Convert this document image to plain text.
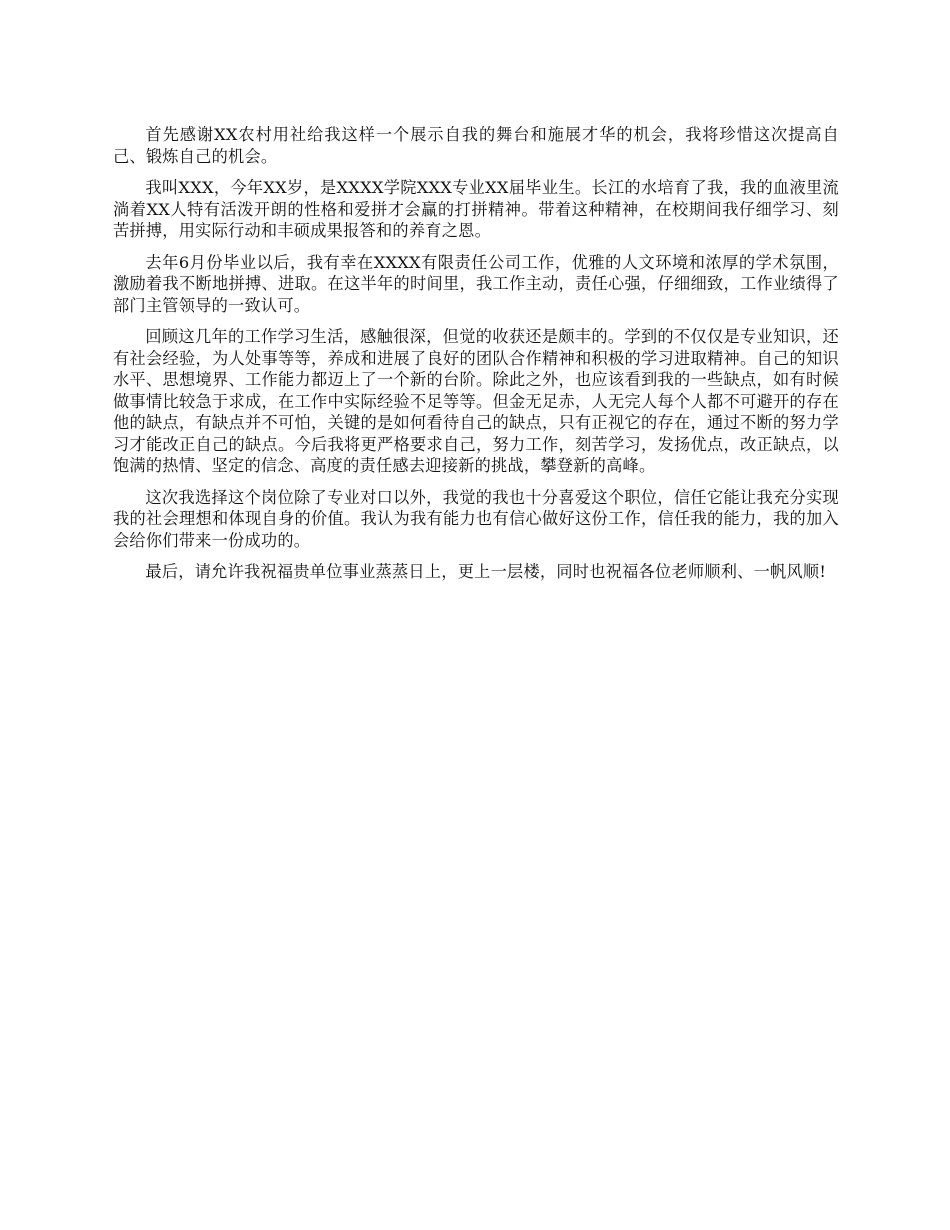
首先感谢XX农村用社给我这样一个展示自我的舞台和施展才华的机会，我将珍惜这次提高自己、锻炼自己的机会。

我叫XXX，今年XX岁，是XXXX学院XXX专业XX届毕业生。长江的水培育了我，我的血液里流淌着XX人特有活泼开朗的性格和爱拼才会赢的打拼精神。带着这种精神，在校期间我仔细学习、刻苦拼搏，用实际行动和丰硕成果报答和的养育之恩。

去年6月份毕业以后，我有幸在XXXX有限责任公司工作，优雅的人文环境和浓厚的学术氛围，激励着我不断地拼搏、进取。在这半年的时间里，我工作主动，责任心强，仔细细致，工作业绩得了部门主管领导的一致认可。

回顾这几年的工作学习生活，感触很深，但觉的收获还是颇丰的。学到的不仅仅是专业知识，还有社会经验，为人处事等等，养成和进展了良好的团队合作精神和积极的学习进取精神。自己的知识水平、思想境界、工作能力都迈上了一个新的台阶。除此之外，也应该看到我的一些缺点，如有时候做事情比较急于求成，在工作中实际经验不足等等。但金无足赤，人无完人每个人都不可避开的存在他的缺点，有缺点并不可怕，关键的是如何看待自己的缺点，只有正视它的存在，通过不断的努力学习才能改正自己的缺点。今后我将更严格要求自己，努力工作，刻苦学习，发扬优点，改正缺点，以饱满的热情、坚定的信念、高度的责任感去迎接新的挑战，攀登新的高峰。

这次我选择这个岗位除了专业对口以外，我觉的我也十分喜爱这个职位，信任它能让我充分实现我的社会理想和体现自身的价值。我认为我有能力也有信心做好这份工作，信任我的能力，我的加入会给你们带来一份成功的。

最后，请允许我祝福贵单位事业蒸蒸日上，更上一层楼，同时也祝福各位老师顺利、一帆风顺!
